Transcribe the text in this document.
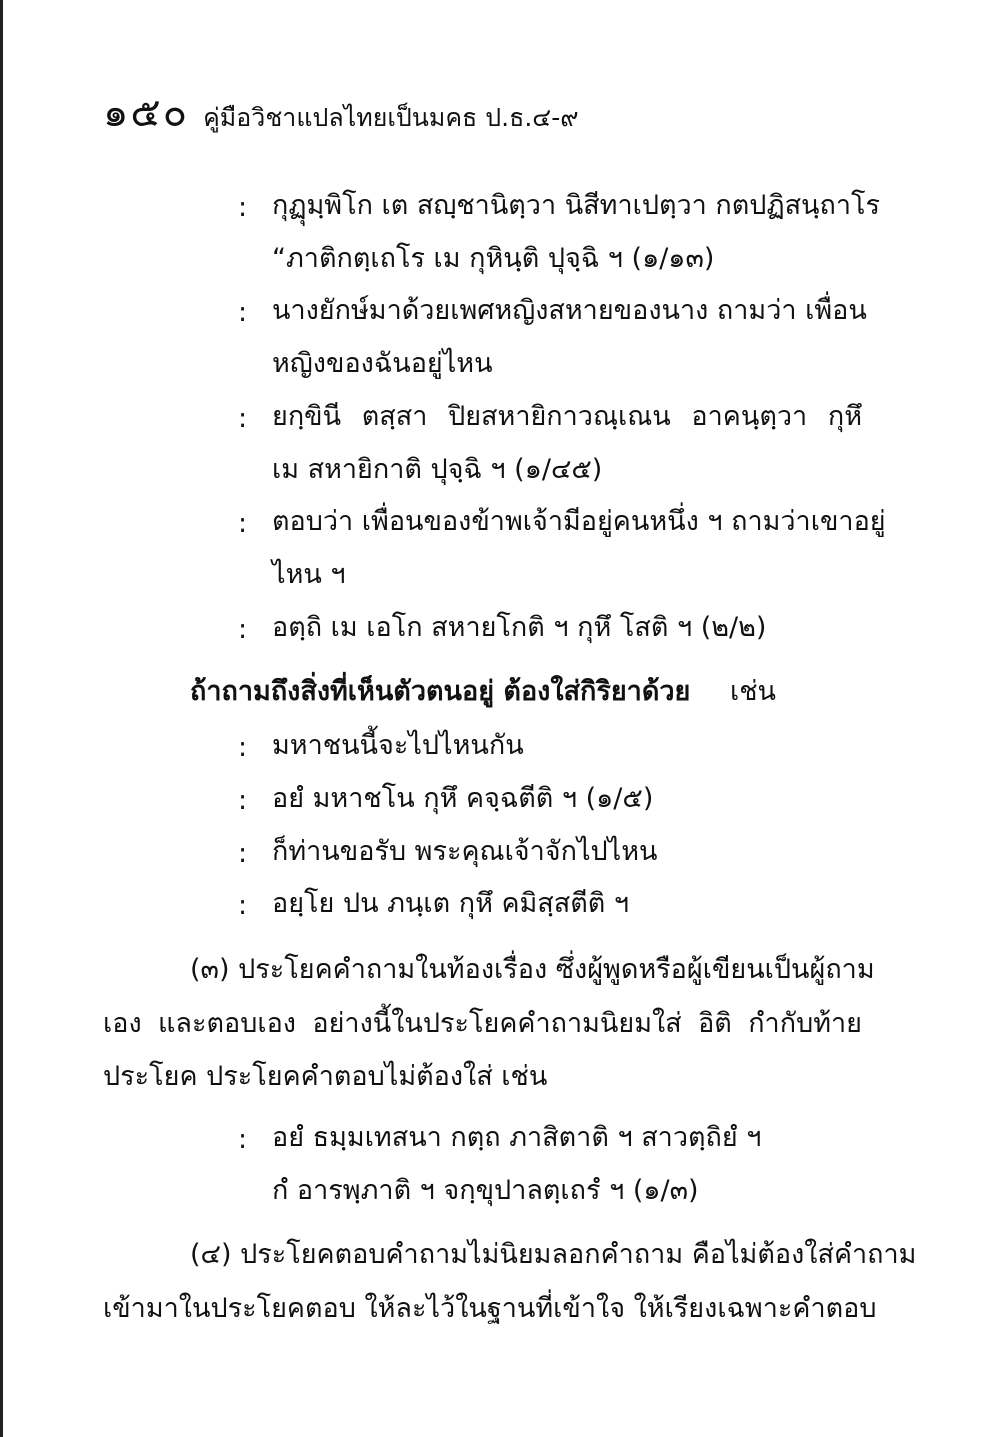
๑๕๐ คู่มือวิชาแปลไทยเป็นมคธ ป.ธ.๔-๙
: กุฏุมฺพิโก เต สญฺชานิตฺวา นิสีทาเปตฺวา กตปฏิสนฺถาโร
“ภาติกตฺเถโร เม กุหินฺติ ปุจฺฉิ ฯ (๑/๑๓)
: นางยักษ์มาด้วยเพศหญิงสหายของนาง ถามว่า เพื่อน
หญิงของฉันอยู่ไหน
: ยกฺขินี ตสฺสา ปิยสหายิกาวณฺเณน อาคนฺตฺวา กุหึ
เม สหายิกาติ ปุจฺฉิ ฯ (๑/๔๕)
: ตอบว่า เพื่อนของข้าพเจ้ามีอยู่คนหนึ่ง ฯ ถามว่าเขาอยู่
ไหน ฯ
: อตฺถิ เม เอโก สหายโกติ ฯ กุหึ โสติ ฯ (๒/๒)
ถ้าถามถึงสิ่งที่เห็นตัวตนอยู่ ต้องใส่กิริยาด้วย เช่น
: มหาชนนี้จะไปไหนกัน
: อยํ มหาชโน กุหึ คจฺฉตีติ ฯ (๑/๕)
: ก็ท่านขอรับ พระคุณเจ้าจักไปไหน
: อยฺโย ปน ภนฺเต กุหึ คมิสฺสตีติ ฯ
(๓) ประโยคคำถามในท้องเรื่อง ซึ่งผู้พูดหรือผู้เขียนเป็นผู้ถาม
เอง และตอบเอง อย่างนี้ในประโยคคำถามนิยมใส่ อิติ กำกับท้าย
ประโยค ประโยคคำตอบไม่ต้องใส่ เช่น
: อยํ ธมฺมเทสนา กตฺถ ภาสิตาติ ฯ สาวตฺถิยํ ฯ
กํ อารพฺภาติ ฯ จกฺขุปาลตฺเถรํ ฯ (๑/๓)
(๔) ประโยคตอบคำถามไม่นิยมลอกคำถาม คือไม่ต้องใส่คำถาม
เข้ามาในประโยคตอบ ให้ละไว้ในฐานที่เข้าใจ ให้เรียงเฉพาะคำตอบ
